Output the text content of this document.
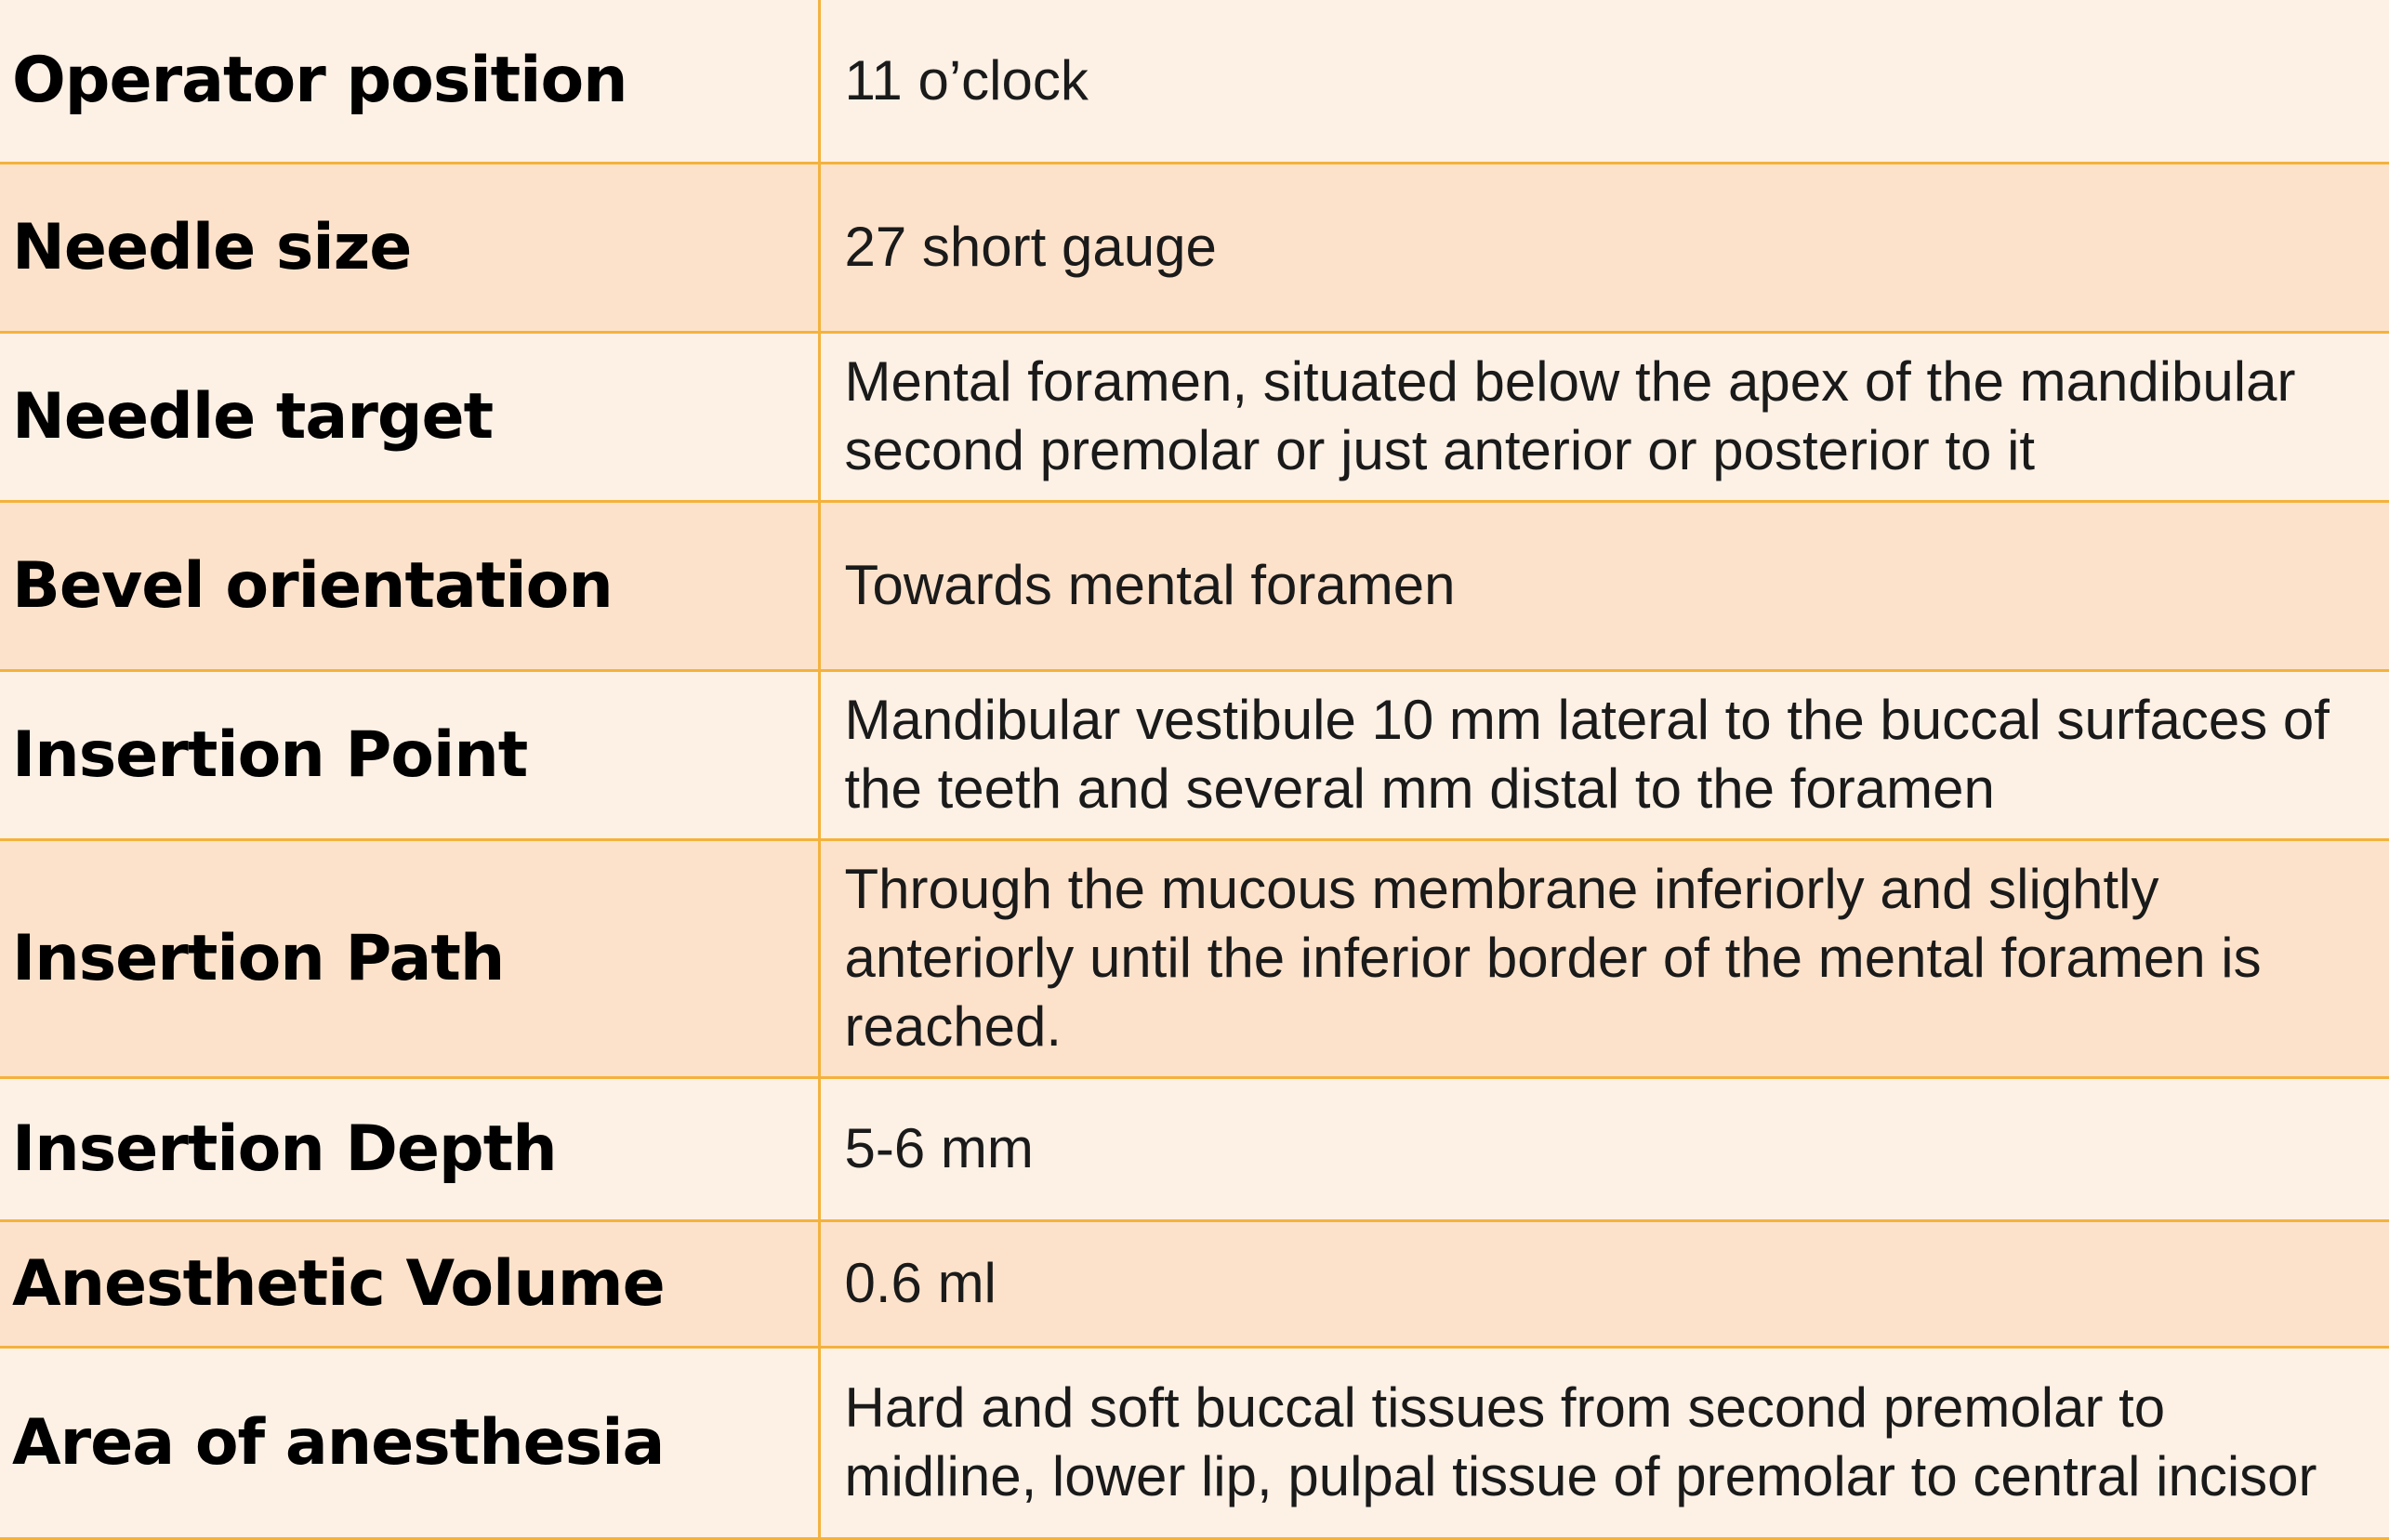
Operator position	11 o’clock
Needle size	27 short gauge
Needle target	Mental foramen, situated below the apex of the mandibular second premolar or just anterior or posterior to it
Bevel orientation	Towards mental foramen
Insertion Point	Mandibular vestibule 10 mm lateral to the buccal surfaces of the teeth and several mm distal to the foramen
Insertion Path	Through the mucous membrane inferiorly and slightly anteriorly until the inferior border of the mental foramen is reached.
Insertion Depth	5-6 mm
Anesthetic Volume	0.6 ml
Area of anesthesia	Hard and soft buccal tissues from second premolar to midline, lower lip, pulpal tissue of premolar to central incisor
